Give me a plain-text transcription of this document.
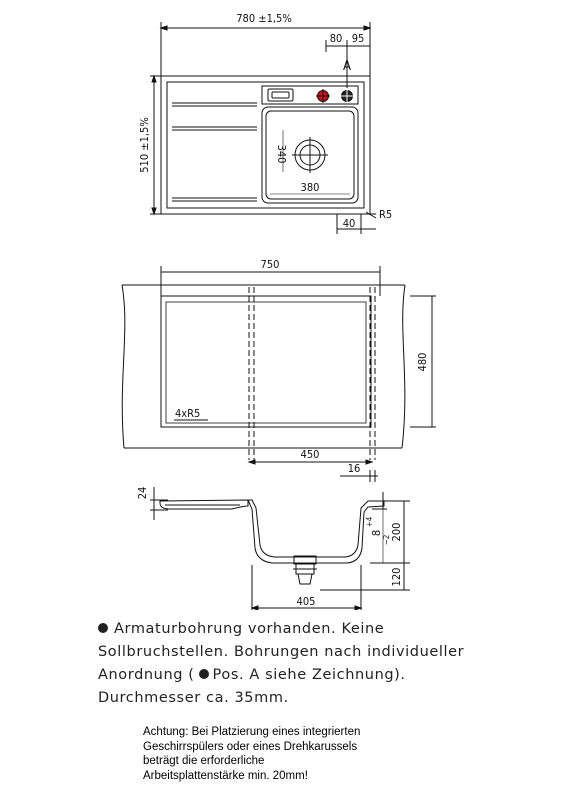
780 ±1,5%
80 95
A
510 ±1,5%	340
380
40
R5
750
480
4xR5
450
16
24
8
+4
−2 200
120
405
Armaturbohrung vorhanden. Keine
Sollbruchstellen. Bohrungen nach individueller
Anordnung ( Pos. A siehe Zeichnung).
Durchmesser ca. 35mm.
Achtung: Bei Platzierung eines integrierten
Geschirrspülers oder eines Drehkarussels
beträgt die erforderliche
Arbeitsplattenstärke min. 20mm!
